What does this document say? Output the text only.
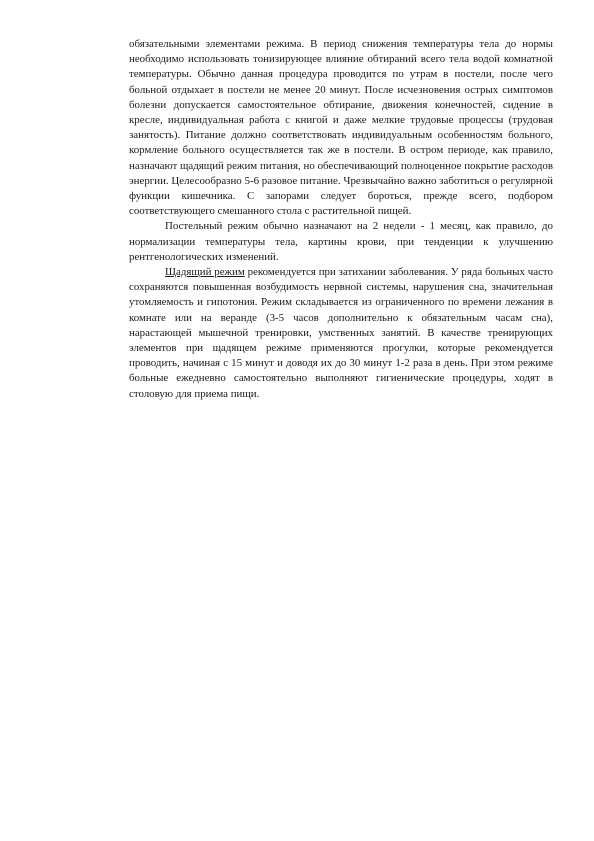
обязательными элементами режима. В период снижения температуры тела до нормы необходимо использовать тонизирующее влияние обтираний всего тела водой комнатной температуры. Обычно данная процедура проводится по утрам в постели, после чего больной отдыхает в постели не менее 20 минут. После исчезновения острых симптомов болезни допускается самостоятельное обтирание, движения конечностей, сидение в кресле, индивидуальная работа с книгой и даже мелкие трудовые процессы (трудовая занятость). Питание должно соответствовать индивидуальным особенностям больного, кормление больного осуществляется так же в постели. В остром периоде, как правило, назначают щадящий режим питания, но обеспечивающий полноценное покрытие расходов энергии. Целесообразно 5-6 разовое питание. Чрезвычайно важно заботиться о регулярной функции кишечника. С запорами следует бороться, прежде всего, подбором соответствующего смешанного стола с растительной пищей.

Постельный режим обычно назначают на 2 недели - 1 месяц, как правило, до нормализации температуры тела, картины крови, при тенденции к улучшению рентгенологических изменений.

Щадящий режим рекомендуется при затихании заболевания. У ряда больных часто сохраняются повышенная возбудимость нервной системы, нарушения сна, значительная утомляемость и гипотония. Режим складывается из ограниченного по времени лежания в комнате или на веранде (3-5 часов дополнительно к обязательным часам сна), нарастающей мышечной тренировки, умственных занятий. В качестве тренирующих элементов при щадящем режиме применяются прогулки, которые рекомендуется проводить, начиная с 15 минут и доводя их до 30 минут 1-2 раза в день. При этом режиме больные ежедневно самостоятельно выполняют гигиенические процедуры, ходят в столовую для приема пищи.
